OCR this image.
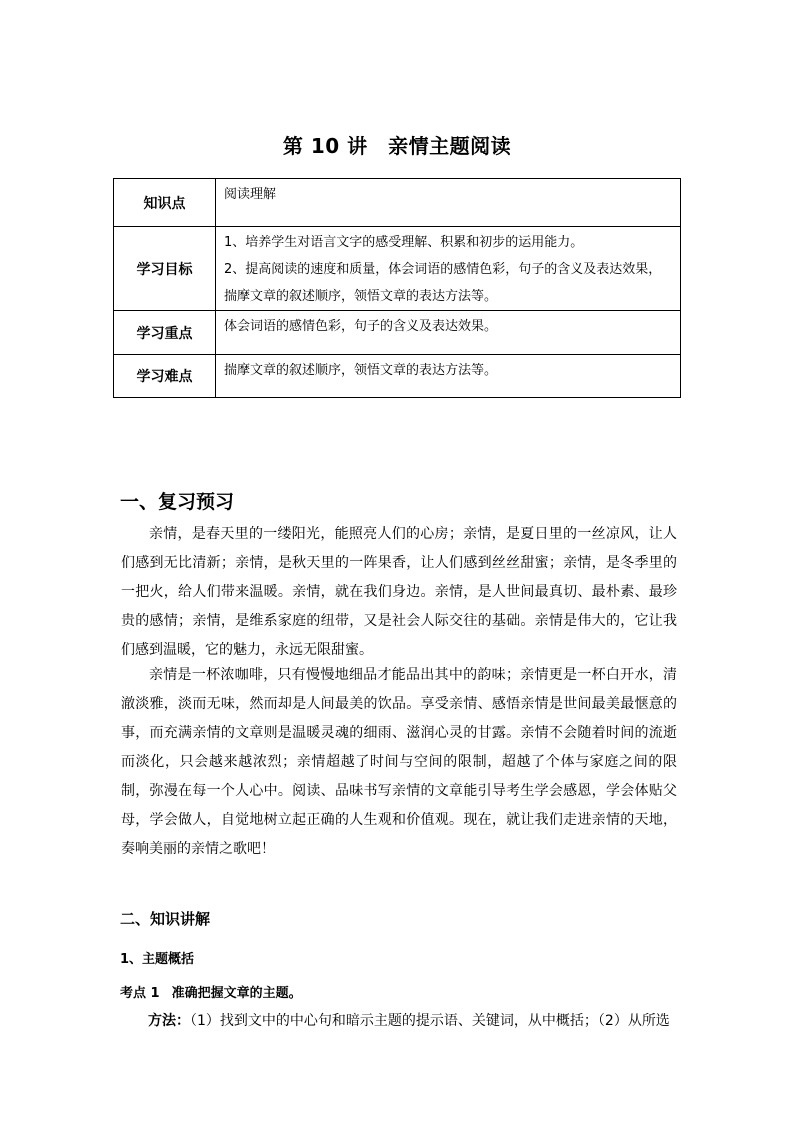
第 10 讲　亲情主题阅读
知识点	阅读理解

学习目标	1、培养学生对语言文字的感受理解、积累和初步的运用能力。
2、提高阅读的速度和质量，体会词语的感情色彩，句子的含义及表达效果，
揣摩文章的叙述顺序，领悟文章的表达方法等。

学习重点	体会词语的感情色彩，句子的含义及表达效果。

学习难点	揣摩文章的叙述顺序，领悟文章的表达方法等。
一、复习预习

亲情，是春天里的一缕阳光，能照亮人们的心房；亲情，是夏日里的一丝凉风，让人们感到无比清新；亲情，是秋天里的一阵果香，让人们感到丝丝甜蜜；亲情，是冬季里的一把火，给人们带来温暖。亲情，就在我们身边。亲情，是人世间最真切、最朴素、最珍贵的感情；亲情，是维系家庭的纽带，又是社会人际交往的基础。亲情是伟大的，它让我们感到温暖，它的魅力，永远无限甜蜜。

亲情是一杯浓咖啡，只有慢慢地细品才能品出其中的韵味；亲情更是一杯白开水，清澈淡雅，淡而无味，然而却是人间最美的饮品。享受亲情、感悟亲情是世间最美最惬意的事，而充满亲情的文章则是温暖灵魂的细雨、滋润心灵的甘露。亲情不会随着时间的流逝而淡化，只会越来越浓烈；亲情超越了时间与空间的限制，超越了个体与家庭之间的限制，弥漫在每一个人心中。阅读、品味书写亲情的文章能引导考生学会感恩，学会体贴父母，学会做人，自觉地树立起正确的人生观和价值观。现在，就让我们走进亲情的天地，奏响美丽的亲情之歌吧！

二、知识讲解
1、主题概括
考点 1 准确把握文章的主题。
方法：（1）找到文中的中心句和暗示主题的提示语、关键词，从中概括；（2）从所选
